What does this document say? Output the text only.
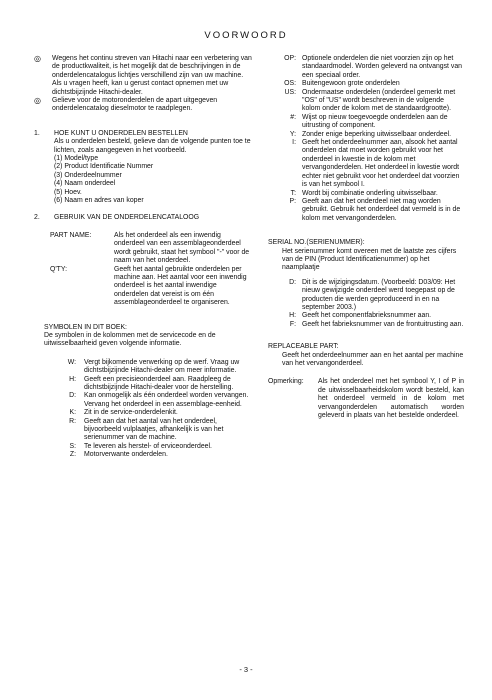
VOORWOORD
◎	Wegens het continu streven van Hitachi naar een verbetering van de productkwaliteit, is het mogelijk dat de beschrijvingen in de onderdelencatalogus lichtjes verschillend zijn van uw machine. Als u vragen heeft, kan u gerust contact opnemen met uw dichtstbijzijnde Hitachi-dealer.
◎	Gelieve voor de motoronderdelen de apart uitgegeven onderdelencatalog dieselmotor te raadplegen.
1.	HOE KUNT U ONDERDELEN BESTELLEN

Als u onderdelen besteld, gelieve dan de volgende punten toe te lichten, zoals aangegeven in het voorbeeld.

(1) Model/type

(2) Product Identificatie Nummer

(3) Onderdeelnummer

(4) Naam onderdeel

(5) Hoev.

(6) Naam en adres van koper

2.	GEBRUIK VAN DE ONDERDELENCATALOOG

PART NAME:	Als het onderdeel als een inwendig onderdeel van een assemblageonderdeel wordt gebruikt, staat het symbool "-" voor de naam van het onderdeel.
Q'TY:	Geeft het aantal gebruikte onderdelen per machine aan. Het aantal voor een inwendig onderdeel is het aantal inwendige onderdelen dat vereist is om één assemblageonderdeel te organiseren.

SYMBOLEN IN DIT BOEK:

De symbolen in de kolommen met de servicecode en de uitwisselbaarheid geven volgende informatie.

W:	Vergt bijkomende verwerking op de werf. Vraag uw dichtstbijzijnde Hitachi-dealer om meer informatie.
H:	Geeft een precisieonderdeel aan. Raadpleeg de dichtstbijzijnde Hitachi-dealer voor de herstelling.
D:	Kan onmogelijk als één onderdeel worden vervangen. Vervang het onderdeel in een assemblage-eenheid.
K:	Zit in de service-onderdelenkit.
R:	Geeft aan dat het aantal van het onderdeel, bijvoorbeeld vulplaatjes, afhankelijk is van het serienummer van de machine.
S:	Te leveren als herstel- of erviceonderdeel.
Z:	Motorverwante onderdelen.
OP: Optionele onderdelen die niet voorzien zijn op het standaardmodel. Worden geleverd na ontvangst van een speciaal order.
OS: Buitengewoon grote onderdelen
US: Ondermaatse onderdelen (onderdeel gemerkt met "OS" of "US" wordt beschreven in de volgende kolom onder de kolom met de standaardgrootte).
#: Wijst op nieuw toegevoegde onderdelen aan de uitrusting of component.
Y: Zonder enige beperking uitwisselbaar onderdeel.
I: Geeft het onderdeelnummer aan, alsook het aantal onderdelen dat moet worden gebruikt voor het onderdeel in kwestie in de kolom met vervangonderdelen. Het onderdeel in kwestie wordt echter niet gebruikt voor het onderdeel dat voorzien is van het symbool I.
T: Wordt bij combinatie onderling uitwisselbaar.
P: Geeft aan dat het onderdeel niet mag worden gebruikt. Gebruik het onderdeel dat vermeld is in de kolom met vervangonderdelen.

SERIAL NO.(SERIENUMMER):

Het serienummer komt overeen met de laatste zes cijfers van de PIN (Product Identificatienummer) op het naamplaatje

D: Dit is de wijzigingsdatum. (Voorbeeld: D03/09: Het nieuw gewijzigde onderdeel werd toegepast op de producten die werden geproduceerd in en na september 2003.)
H: Geeft het componentfabrieksnummer aan.
F: Geeft het fabrieksnummer van de frontuitrusting aan.

REPLACEABLE PART:

Geeft het onderdeelnummer aan en het aantal per machine van het vervangonderdeel.

Opmerking:	Als het onderdeel met het symbool Y, I of P in de uitwisselbaarheidskolom wordt besteld, kan het onderdeel vermeld in de kolom met vervangonderdelen automatisch worden geleverd in plaats van het bestelde onderdeel.
- 3 -
